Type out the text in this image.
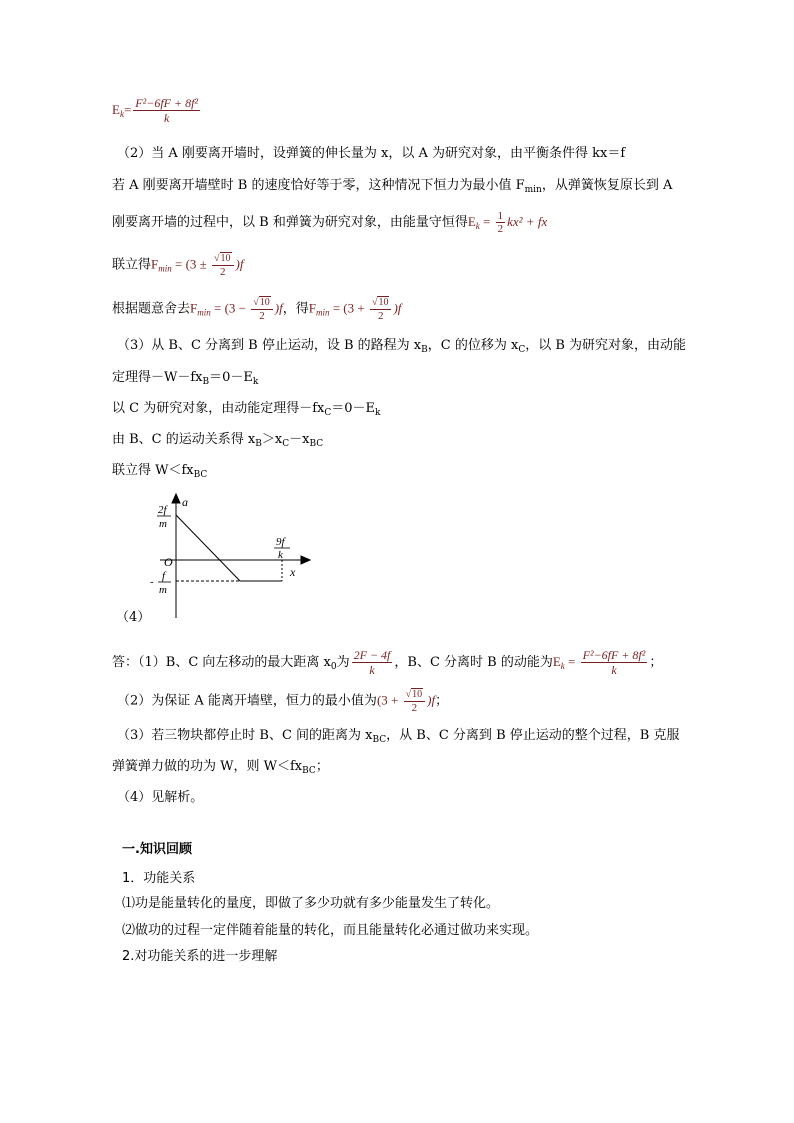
$E_k= \frac{\text{F²−6fF + 8f²}}{k}$
（2）当 A 刚要离开墙时，设弹簧的伸长量为 x，以 A 为研究对象，由平衡条件得 kx＝f
若 A 刚要离开墙壁时 B 的速度恰好等于零，这种情况下恒力为最小值 $F_{min}$，从弹簧恢复原长到 A
刚要离开墙的过程中，以 B 和弹簧为研究对象，由能量守恒得$E_k = \frac{1}{2} kx^2$ + fx
联立得$F_{min} = (3 \pm \frac{√10}{2} )f$
根据题意舍去$F_{min} = (3 - \frac{√10}{2} )f$，得$F_{min} = (3 + \frac{√10}{2} )f$
（3）从 B、C 分离到 B 停止运动，设 B 的路程为 $x_B$，C 的位移为 $x_C$，以 B 为研究对象，由动能
定理得$-W-fx_B=0-E_k$
以 C 为研究对象，由动能定理得$-fx_C=0-E_k$
由 B、C 的运动关系得 $x_B>x_C-x_{BC}$
联立得 $W<fx_{BC}$
a
x
O
2f
m
- f
m
9f
k
（4）
答：（1）B、C 向左移动的最大距离 $x_0$为 $\frac{2F - 4f}{k}$ ，B、C 分离时 B 的动能为$E_k = \frac{\text{F²−6fF + 8f²}}{k}$ ；
（2）为保证 A 能离开墙壁，恒力的最小值为$(3 + \frac{√10}{2} )f$；
（3）若三物块都停止时 B、C 间的距离为 $x_{BC}$，从 B、C 分离到 B 停止运动的整个过程，B 克服
弹簧弹力做的功为 W，则 $W<fx_{BC}$；
（4）见解析。
一.知识回顾
1．功能关系
⑴功是能量转化的量度，即做了多少功就有多少能量发生了转化。
⑵做功的过程一定伴随着能量的转化，而且能量转化必通过做功来实现。
2.对功能关系的进一步理解
